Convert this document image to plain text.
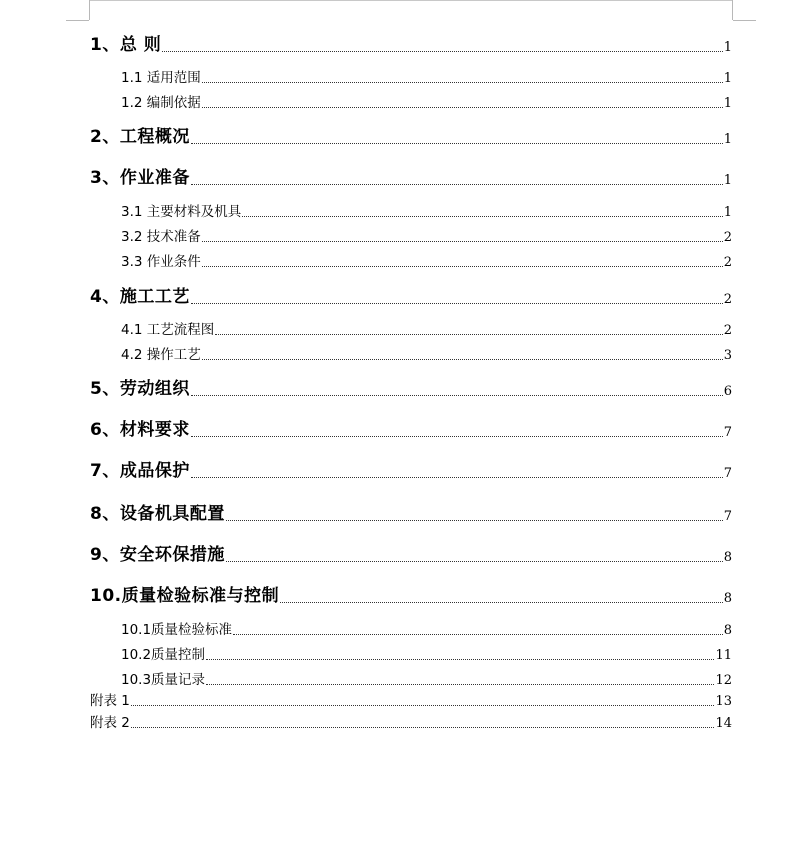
1、总 则	1
1.1 适用范围	1
1.2 编制依据	1
2、工程概况	1
3、作业准备	1
3.1 主要材料及机具	1
3.2 技术准备	2
3.3 作业条件	2
4、施工工艺	2
4.1 工艺流程图	2
4.2 操作工艺	3
5、劳动组织	6
6、材料要求	7
7、成品保护	7
8、设备机具配置	7
9、安全环保措施	8
10.质量检验标准与控制	8
10.1质量检验标准	8
10.2质量控制	11
10.3质量记录	12
附表 1	13
附表 2	14
